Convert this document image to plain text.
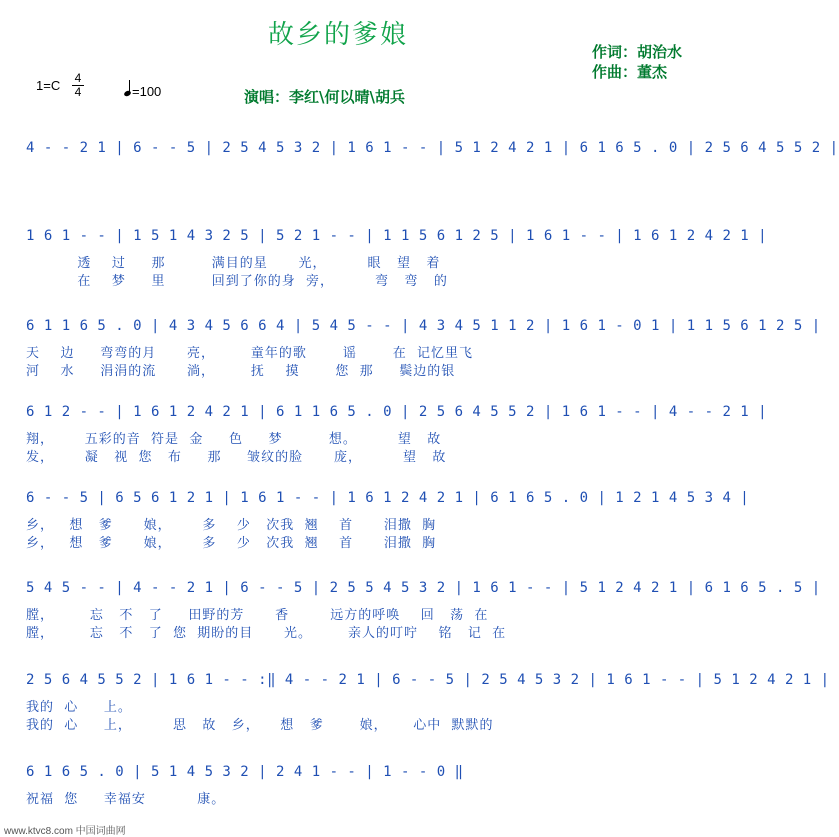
故乡的爹娘
作词：胡治水
作曲：董杰
1=C 4
4	=100	演唱：李红\何以晴\胡兵
4 - - 2 1 | 6 - - 5 | 2 5 4 5 3 2 | 1 6 1 - - | 5 1 2 4 2 1 | 6 1 6 5 . 0 | 2 5 6 4 5 5 2 |
1 6 1 - - | 1 5 1 4 3 2 5 | 5 2 1 - - | 1 1 5 6 1 2 5 | 1 6 1 - - | 1 6 1 2 4 2 1 |
透    过     那         满目的星      光，        眼   望   着
在    梦     里         回到了你的身  旁，        弯   弯   的
6 1 1 6 5 . 0 | 4 3 4 5 6 6 4 | 5 4 5 - - | 4 3 4 5 1 1 2 | 1 6 1 - 0 1 | 1 1 5 6 1 2 5 |
天    边     弯弯的月      亮，       童年的歌       谣       在  记忆里飞
河    水     涓涓的流      淌，       抚    摸       您  那     鬓边的银
6 1 2 - - | 1 6 1 2 4 2 1 | 6 1 1 6 5 . 0 | 2 5 6 4 5 5 2 | 1 6 1 - - | 4 - - 2 1 |
翔，      五彩的音  符是  金     色     梦         想。        望   故
发，      凝   视  您   布     那     皱纹的脸      庞，        望   故
6 - - 5 | 6 5 6 1 2 1 | 1 6 1 - - | 1 6 1 2 4 2 1 | 6 1 6 5 . 0 | 1 2 1 4 5 3 4 |
乡，   想   爹      娘，      多    少   次我  翘    首      泪撒  胸
乡，   想   爹      娘，      多    少   次我  翘    首      泪撒  胸
5 4 5 - - | 4 - - 2 1 | 6 - - 5 | 2 5 5 4 5 3 2 | 1 6 1 - - | 5 1 2 4 2 1 | 6 1 6 5 . 5 |
膛，       忘   不   了     田野的芳      香        远方的呼唤    回   荡  在
膛，       忘   不   了  您  期盼的目      光。       亲人的叮咛    铭   记  在
2 5 6 4 5 5 2 | 1 6 1 - - :‖ 4 - - 2 1 | 6 - - 5 | 2 5 4 5 3 2 | 1 6 1 - - | 5 1 2 4 2 1 |
我的  心     上。
我的  心     上，        思   故   乡，    想   爹       娘，     心中  默默的
6 1 6 5 . 0 | 5 1 4 5 3 2 | 2 4 1 - - | 1 - - 0 ‖
祝福  您     幸福安          康。
www.ktvc8.com 中国词曲网
